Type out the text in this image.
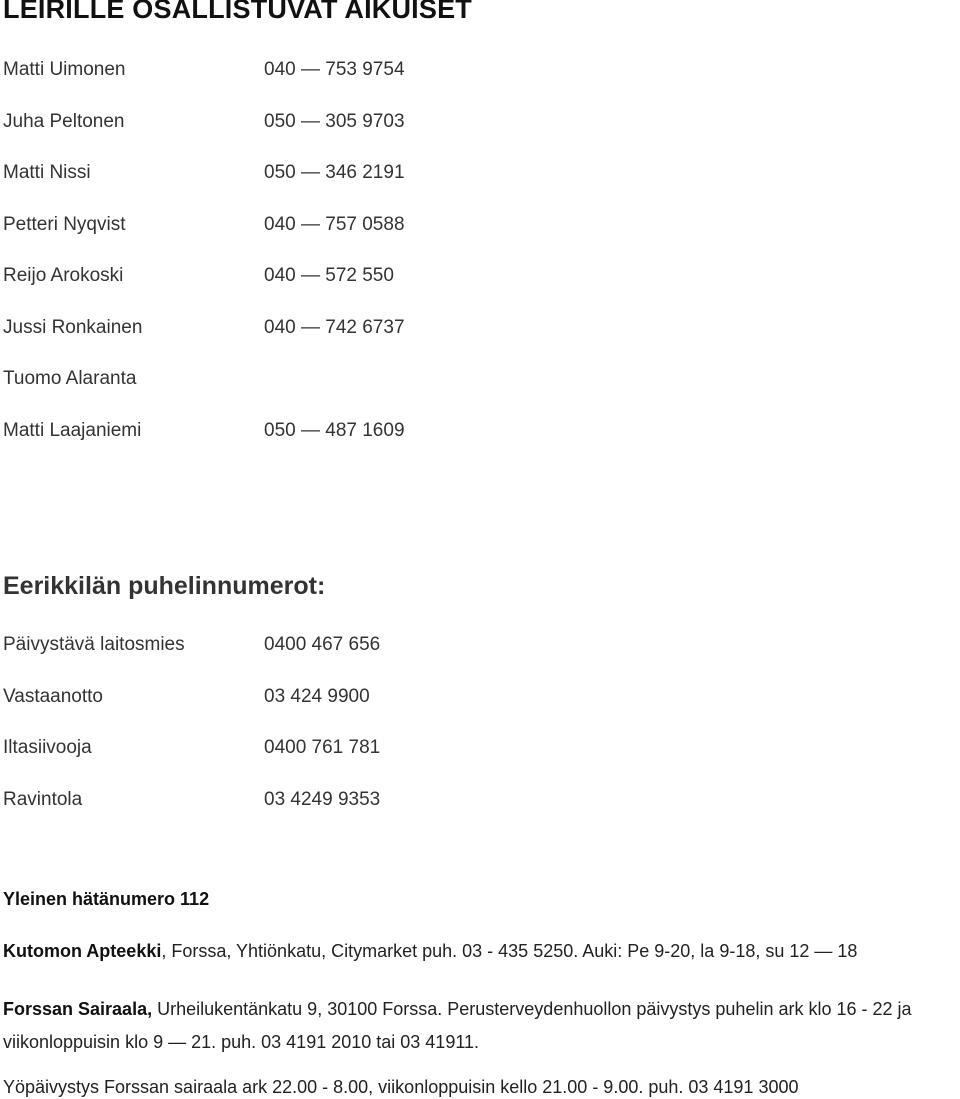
LEIRILLE OSALLISTUVAT AIKUISET
Matti Uimonen	040 — 753 9754
Juha Peltonen	050 — 305 9703
Matti Nissi	050 — 346 2191
Petteri Nyqvist	040 — 757 0588
Reijo Arokoski	040 — 572 550
Jussi Ronkainen	040 — 742 6737
Tuomo Alaranta
Matti Laajaniemi	050 — 487 1609
Eerikkilän puhelinnumerot:
Päivystävä laitosmies	0400 467 656
Vastaanotto	03 424 9900
Iltasiivooja	0400 761 781
Ravintola	03 4249 9353

Yleinen hätänumero 112

Kutomon Apteekki, Forssa, Yhtiönkatu, Citymarket puh. 03 - 435 5250. Auki: Pe 9-20, la 9-18, su 12 — 18

Forssan Sairaala, Urheilukentänkatu 9, 30100 Forssa. Perusterveydenhuollon päivystys puhelin ark klo 16 - 22 ja viikonloppuisin klo 9 — 21. puh. 03 4191 2010 tai 03 41911.

Yöpäivystys Forssan sairaala ark 22.00 - 8.00, viikonloppuisin kello 21.00 - 9.00. puh. 03 4191 3000
